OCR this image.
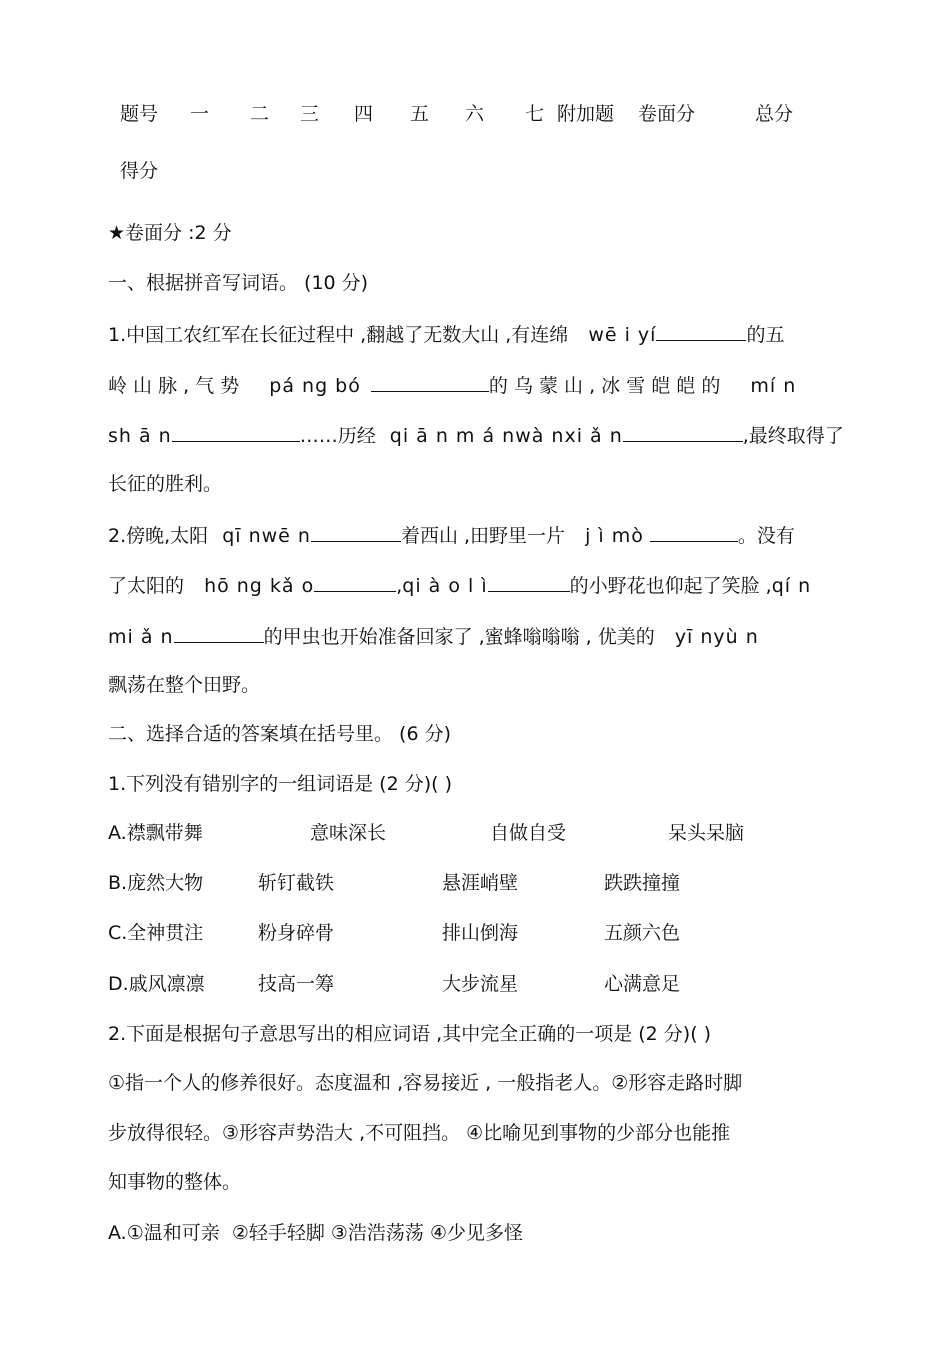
题号 一 二 三 四 五 六 七 附加题 卷面分	总分
得分
★卷面分 :2 分
一、根据拼音写词语。 (10 分)
1.中国工农红军在长征过程中 ,翻越了无数大山 ,有连绵 wē i yí	的五
岭 山 脉 , 气 势 pá ng bó	的 乌 蒙 山 , 冰 雪 皑 皑 的 mí n
sh ā n	……历经 qi ā n m á nwà nxi ǎ n	,最终取得了
长征的胜利。
2.傍晚,太阳 qī nwē n	着西山 ,田野里一片 j ì mò	。没有
了太阳的 hō ng kǎ o	,qi à o l ì	的小野花也仰起了笑脸 ,qí n
mi ǎ n	的甲虫也开始准备回家了 ,蜜蜂嗡嗡嗡 , 优美的 yī nyù n
飘荡在整个田野。
二、选择合适的答案填在括号里。 (6 分)
1.下列没有错别字的一组词语是 (2 分)( )
A.襟飘带舞	意味深长	自做自受	呆头呆脑
B.庞然大物	斩钉截铁	悬涯峭壁	跌跌撞撞
C.全神贯注	粉身碎骨	排山倒海	五颜六色
D.戚风凛凛	技高一筹	大步流星	心满意足
2.下面是根据句子意思写出的相应词语 ,其中完全正确的一项是 (2 分)( )
①指一个人的修养很好。态度温和 ,容易接近 , 一般指老人。②形容走路时脚
步放得很轻。③形容声势浩大 ,不可阻挡。 ④比喻见到事物的少部分也能推
知事物的整体。
A.①温和可亲  ②轻手轻脚 ③浩浩荡荡 ④少见多怪
